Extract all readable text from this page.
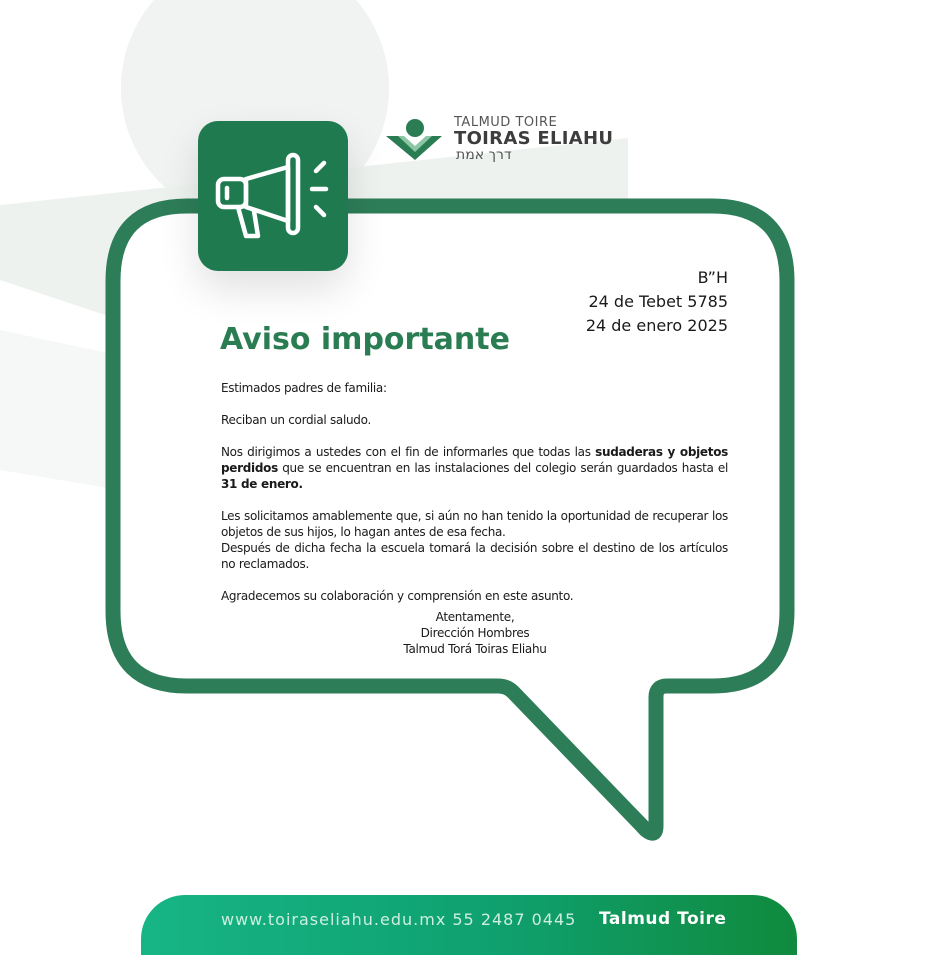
TALMUD TOIRE
TOIRAS ELIAHU
דרך אמת
B”H
24 de Tebet 5785
24 de enero 2025
Aviso importante

Estimados padres de familia:

Reciban un cordial saludo.

Nos dirigimos a ustedes con el fin de informarles que todas las sudaderas y objetos perdidos que se encuentran en las instalaciones del colegio serán guardados hasta el 31 de enero.

Les solicitamos amablemente que, si aún no han tenido la oportunidad de recuperar los objetos de sus hijos, lo hagan antes de esa fecha.

Después de dicha fecha la escuela tomará la decisión sobre el destino de los artículos no reclamados.

Agradecemos su colaboración y comprensión en este asunto.

Atentamente,
Dirección Hombres
Talmud Torá Toiras Eliahu
www.toiraseliahu.edu.mx 55 2487 0445 Talmud Toire
